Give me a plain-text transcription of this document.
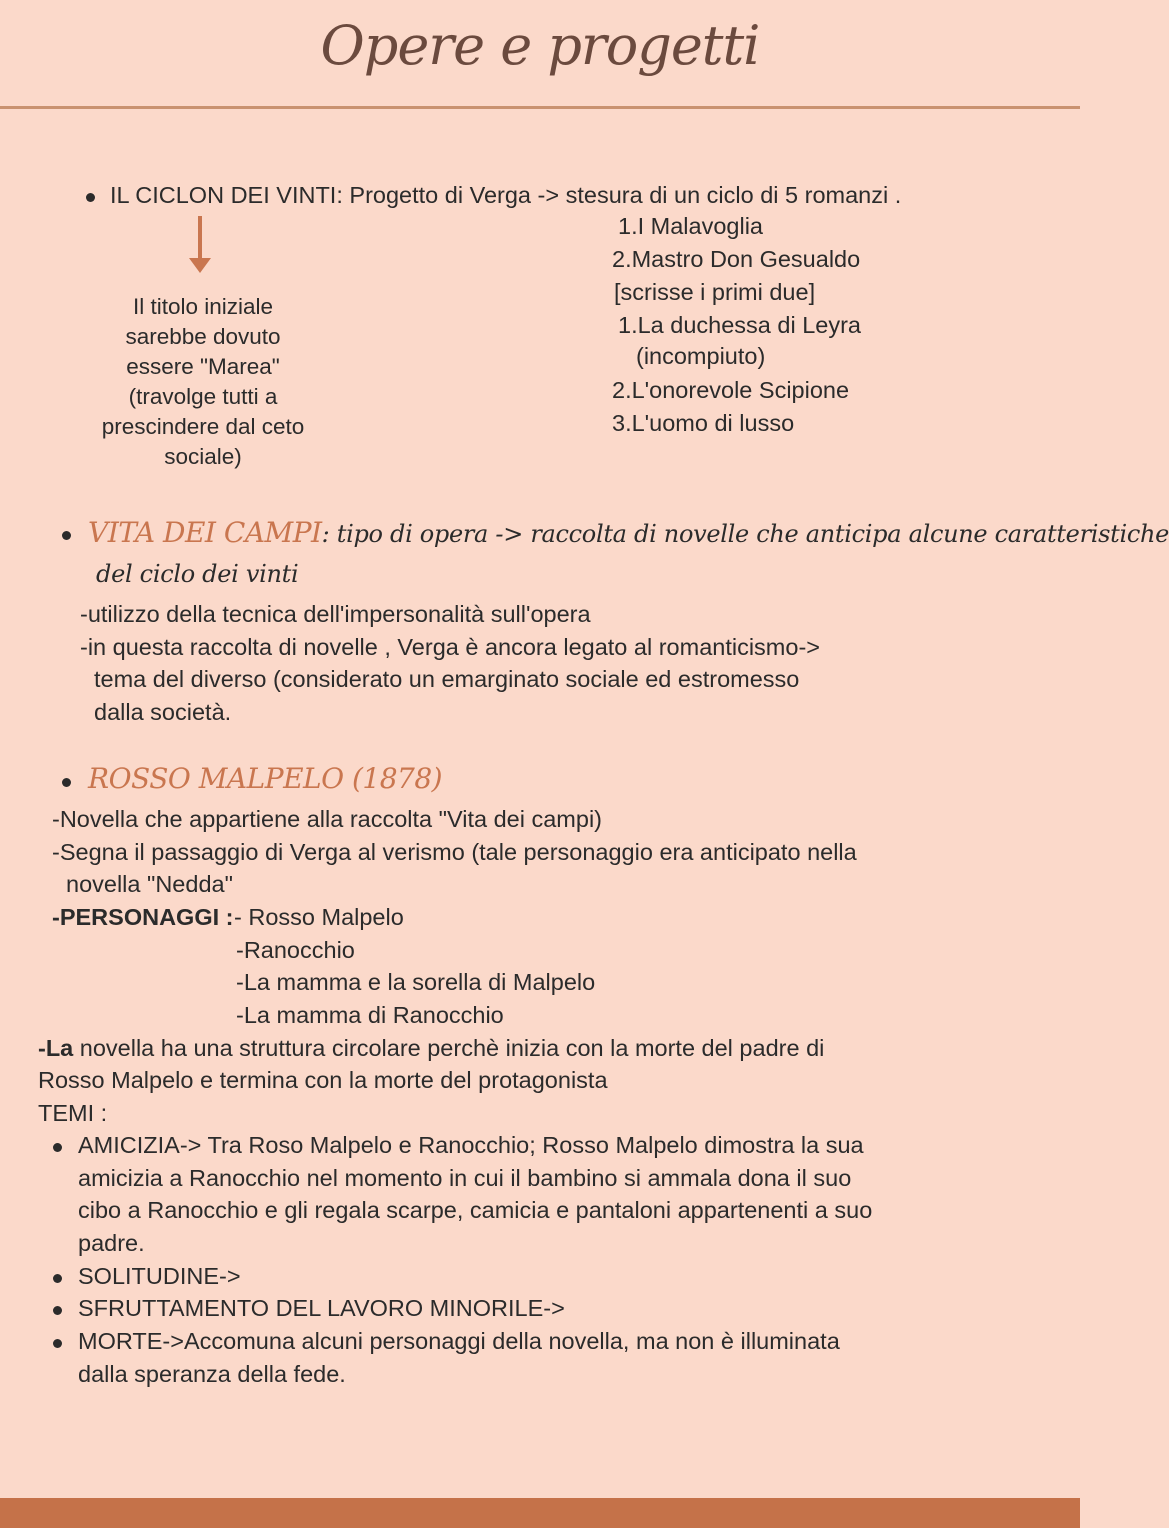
Opere e progetti
IL CICLON DEI VINTI: Progetto di Verga -> stesura di un ciclo di 5 romanzi .
Il titolo iniziale sarebbe dovuto essere "Marea" (travolge tutti a prescindere dal ceto sociale)
1.I Malavoglia
2.Mastro Don Gesualdo
[scrisse i primi due]
1.La duchessa di Leyra
(incompiuto)
2.L'onorevole Scipione
3.L'uomo di lusso
VITA DEI CAMPI: tipo di opera -> raccolta di novelle che anticipa alcune caratteristiche
del ciclo dei vinti
-utilizzo della tecnica dell'impersonalità sull'opera
-in questa raccolta di novelle , Verga è ancora legato al romanticismo->
tema del diverso (considerato un emarginato sociale ed estromesso
dalla società.
ROSSO MALPELO (1878)
-Novella che appartiene alla raccolta "Vita dei campi)
-Segna il passaggio di Verga al verismo (tale personaggio era anticipato nella
novella "Nedda"
-PERSONAGGI : - Rosso Malpelo
-Ranocchio
-La mamma e la sorella di Malpelo
-La mamma di Ranocchio
-La novella ha una struttura circolare perchè inizia con la morte del padre di
Rosso Malpelo e termina con la morte del protagonista
TEMI :
AMICIZIA-> Tra Roso Malpelo e Ranocchio; Rosso Malpelo dimostra la sua
amicizia a Ranocchio nel momento in cui il bambino si ammala dona il suo
cibo a Ranocchio e gli regala scarpe, camicia e pantaloni appartenenti a suo
padre.
SOLITUDINE->
SFRUTTAMENTO DEL LAVORO MINORILE->
MORTE->Accomuna alcuni personaggi della novella, ma non è illuminata
dalla speranza della fede.
